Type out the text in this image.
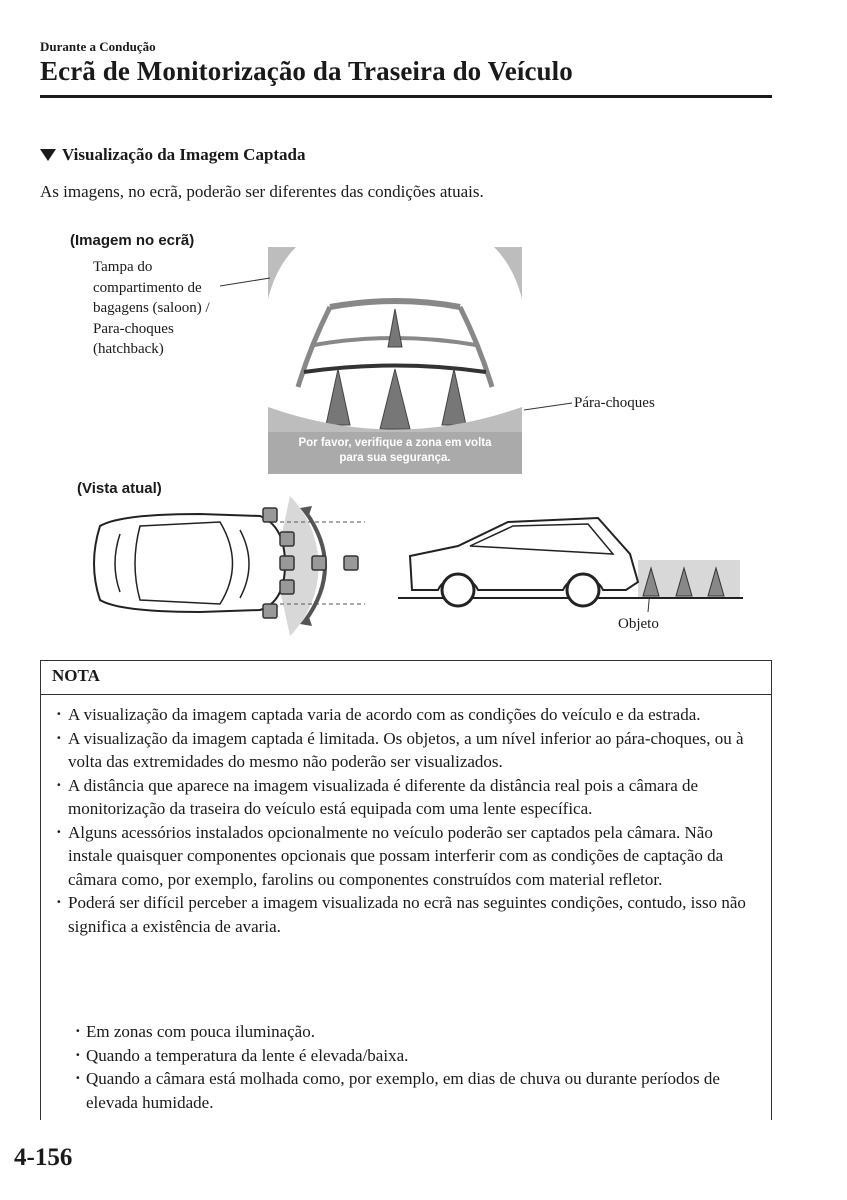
Durante a Condução
Ecrã de Monitorização da Traseira do Veículo
Visualização da Imagem Captada
As imagens, no ecrã, poderão ser diferentes das condições atuais.
(Imagem no ecrã)
Tampa do
compartimento de
bagagens (saloon) /
Para-choques
(hatchback)
Pára-choques
Por favor, verifique a zona em volta
para sua segurança.
(Vista atual)
Objeto
NOTA
· A visualização da imagem captada varia de acordo com as condições do veículo e da estrada.
· A visualização da imagem captada é limitada. Os objetos, a um nível inferior ao pára-choques, ou à volta das extremidades do mesmo não poderão ser visualizados.
· A distância que aparece na imagem visualizada é diferente da distância real pois a câmara de monitorização da traseira do veículo está equipada com uma lente específica.
· Alguns acessórios instalados opcionalmente no veículo poderão ser captados pela câmara. Não instale quaisquer componentes opcionais que possam interferir com as condições de captação da câmara como, por exemplo, farolins ou componentes construídos com material refletor.
· Poderá ser difícil perceber a imagem visualizada no ecrã nas seguintes condições, contudo, isso não significa a existência de avaria.
· Em zonas com pouca iluminação.
· Quando a temperatura da lente é elevada/baixa.
· Quando a câmara está molhada como, por exemplo, em dias de chuva ou durante períodos de elevada humidade.
4-156
